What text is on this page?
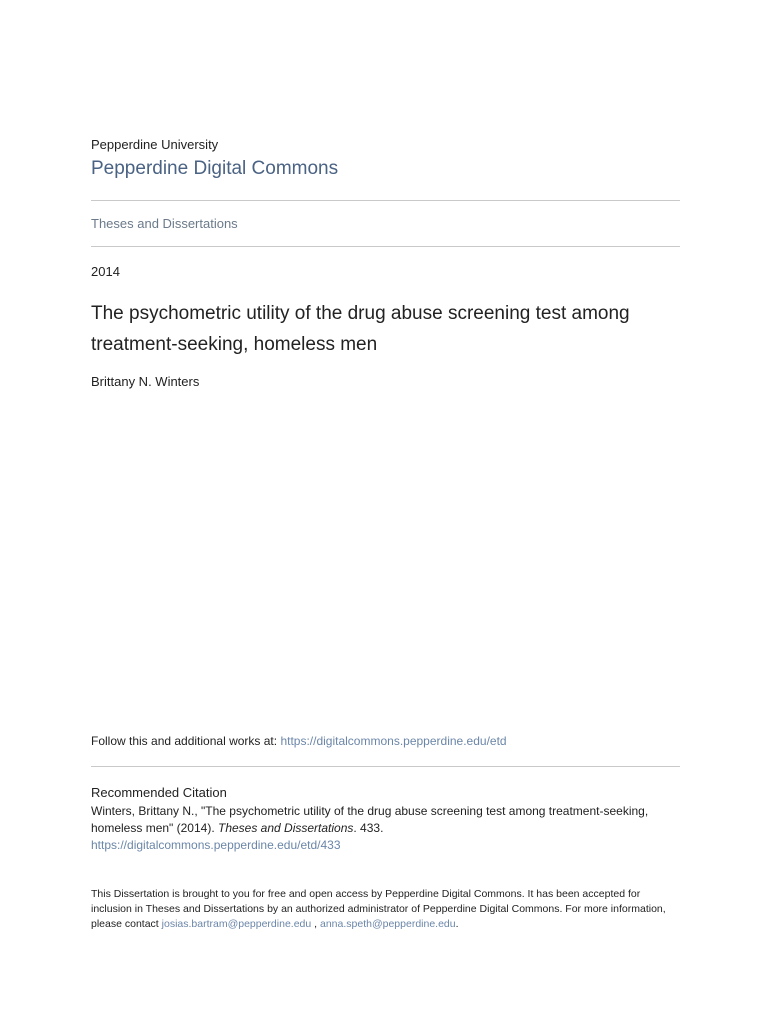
Pepperdine University
Pepperdine Digital Commons
Theses and Dissertations
2014
The psychometric utility of the drug abuse screening test among treatment-seeking, homeless men
Brittany N. Winters
Follow this and additional works at: https://digitalcommons.pepperdine.edu/etd
Recommended Citation
Winters, Brittany N., "The psychometric utility of the drug abuse screening test among treatment-seeking, homeless men" (2014). Theses and Dissertations. 433.
https://digitalcommons.pepperdine.edu/etd/433
This Dissertation is brought to you for free and open access by Pepperdine Digital Commons. It has been accepted for inclusion in Theses and Dissertations by an authorized administrator of Pepperdine Digital Commons. For more information, please contact josias.bartram@pepperdine.edu , anna.speth@pepperdine.edu.
